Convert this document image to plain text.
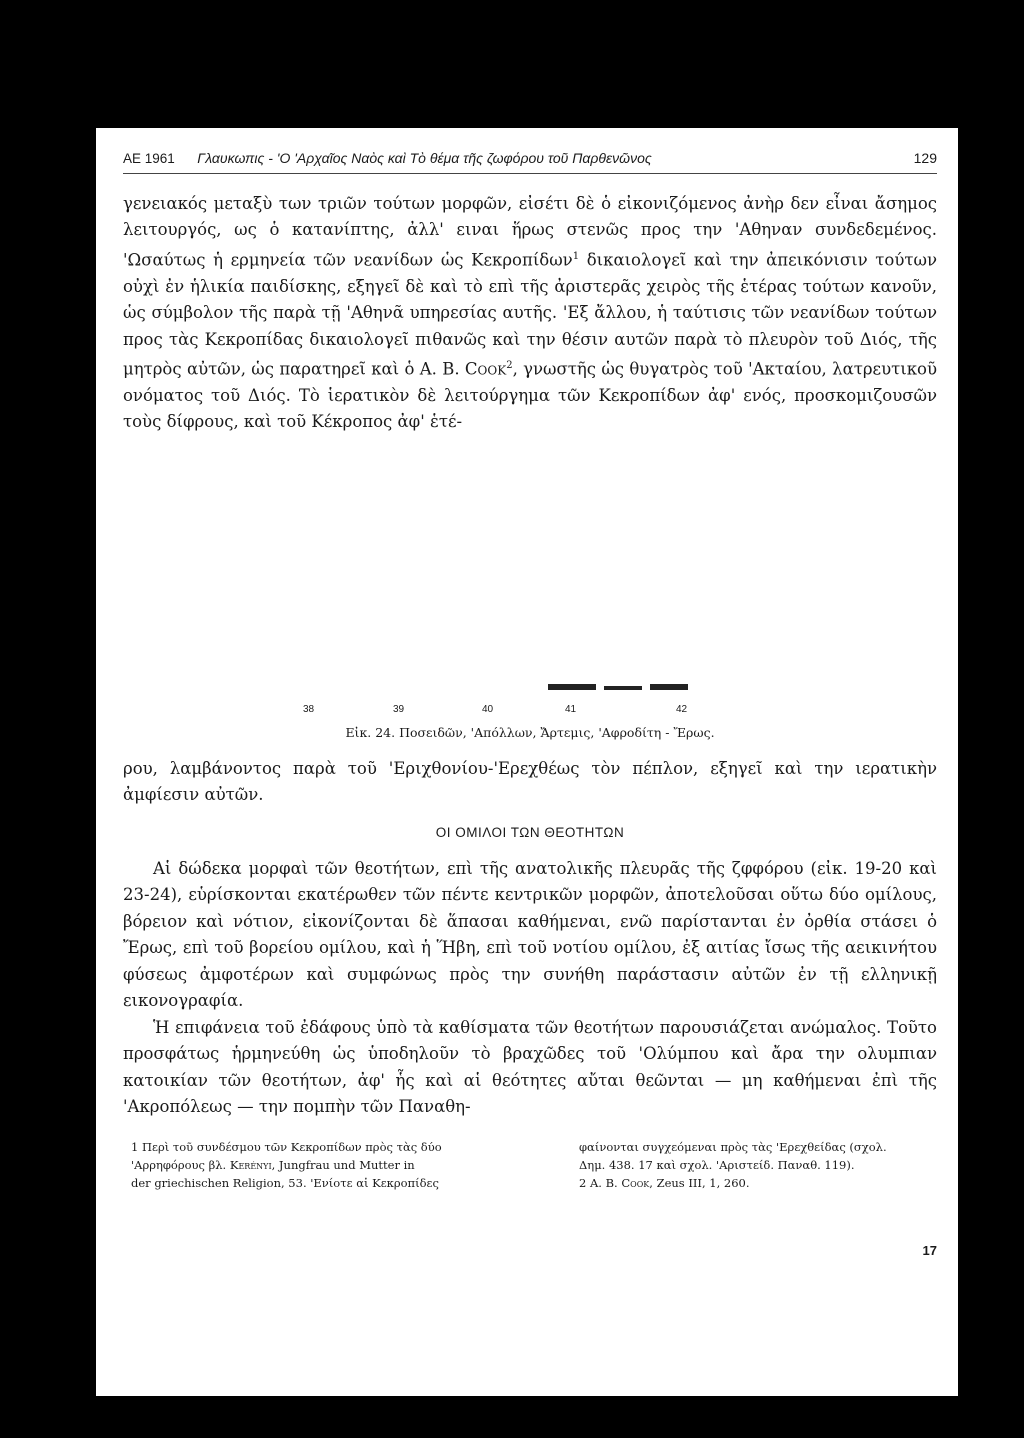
ΑΕ 1961 Γλαυκωπις - 'Ο 'Αρχαῖος Ναὸς καὶ Τὸ θέμα τῆς ζωφόρου τοῦ Παρθενῶνος	129

γενειακός μεταξὺ των τριῶν τούτων μορφῶν, εἰσέτι δὲ ὁ εἰκονιζόμενος ἀνὴρ δεν εἶναι ἄσημος λειτουργός, ως ὁ κατανίπτης, ἀλλ' ειναι ἥρως στενῶς προς την 'Αθηναν συνδεδεμένος. 'Ωσαύτως ἡ ερμηνεία τῶν νεανίδων ὡς Κεκροπίδων$^1$ δικαιολογεῖ καὶ την ἀπεικόνισιν τούτων οὐχὶ ἐν ἡλικία παιδίσκης, εξηγεῖ δὲ καὶ τὸ επὶ τῆς ἀριστερᾶς χειρὸς τῆς ἑτέρας τούτων κανοῦν, ὡς σύμβολον τῆς παρὰ τῇ 'Αθηνᾶ υπηρεσίας αυτῆς. 'Εξ ἄλλου, ἡ ταύτισις τῶν νεανίδων τούτων προς τὰς Κεκροπίδας δικαιολογεῖ πιθανῶς καὶ την θέσιν αυτῶν παρὰ τὸ πλευρὸν τοῦ Διός, τῆς μητρὸς αὐτῶν, ὡς παρατηρεῖ καὶ ὁ Α. Β. Cook$^2$, γνωστῆς ὡς θυγατρὸς τοῦ 'Ακταίου, λατρευτικοῦ ονόματος τοῦ Διός. Τὸ ἱερατικὸν δὲ λειτούργημα τῶν Κεκροπίδων ἀφ' ενός, προσκομιζουσῶν τοὺς δίφρους, καὶ τοῦ Κέκροπος ἀφ' ἑτέ-

38	39	40	41	42
Εἰκ. 24. Ποσειδῶν, 'Απόλλων, Ἄρτεμις, 'Αφροδίτη - Ἔρως.

ρου, λαμβάνοντος παρὰ τοῦ 'Εριχθονίου-'Ερεχθέως τὸν πέπλον, εξηγεῖ καὶ την ιερατικὴν ἀμφίεσιν αὐτῶν.

ΟΙ ΟΜΙΛΟΙ ΤΩΝ ΘΕΟΤΗΤΩΝ

Αἱ δώδεκα μορφαὶ τῶν θεοτήτων, επὶ τῆς ανατολικῆς πλευρᾶς τῆς ζφφόρου (εἰκ. 19-20 καὶ 23-24), εὑρίσκονται εκατέρωθεν τῶν πέντε κεντρικῶν μορφῶν, ἀποτελοῦσαι οὕτω δύο ομίλους, βόρειον καὶ νότιον, εἰκονίζονται δὲ ἅπασαι καθήμεναι, ενῶ παρίστανται ἐν ὀρθία στάσει ὁ Ἔρως, επὶ τοῦ βορείου ομίλου, καὶ ἡ Ἥβη, επὶ τοῦ νοτίου ομίλου, ἐξ αιτίας ἴσως τῆς αεικινήτου φύσεως ἀμφοτέρων καὶ συμφώνως πρὸς την συνήθη παράστασιν αὐτῶν ἐν τῇ ελληνικῇ εικονογραφία.

Ἡ επιφάνεια τοῦ ἐδάφους ὑπὸ τὰ καθίσματα τῶν θεοτήτων παρουσιάζεται ανώμαλος. Τοῦτο προσφάτως ἡρμηνεύθη ὡς ὑποδηλοῦν τὸ βραχῶδες τοῦ 'Ολύμπου καὶ ἄρα την ολυμπιαν κατοικίαν τῶν θεοτήτων, ἀφ' ἧς καὶ αἱ θεότητες αὔται θεῶνται — μη καθήμεναι ἐπὶ τῆς 'Ακροπόλεως — την πομπὴν τῶν Παναθη-

1 Περὶ τοῦ συνδέσμου τῶν Κεκροπίδων πρὸς τὰς δύο

'Αρρηφόρους βλ. Kerényi, Jungfrau und Mutter in

der griechischen Religion, 53. 'Ενίοτε αἱ Κεκροπίδες

φαίνονται συγχεόμεναι πρὸς τὰς 'Ερεχθείδας (σχολ.

Δημ. 438. 17 καὶ σχολ. 'Αριστείδ. Παναθ. 119).

2 A. B. Cook, Zeus III, 1, 260.

17
